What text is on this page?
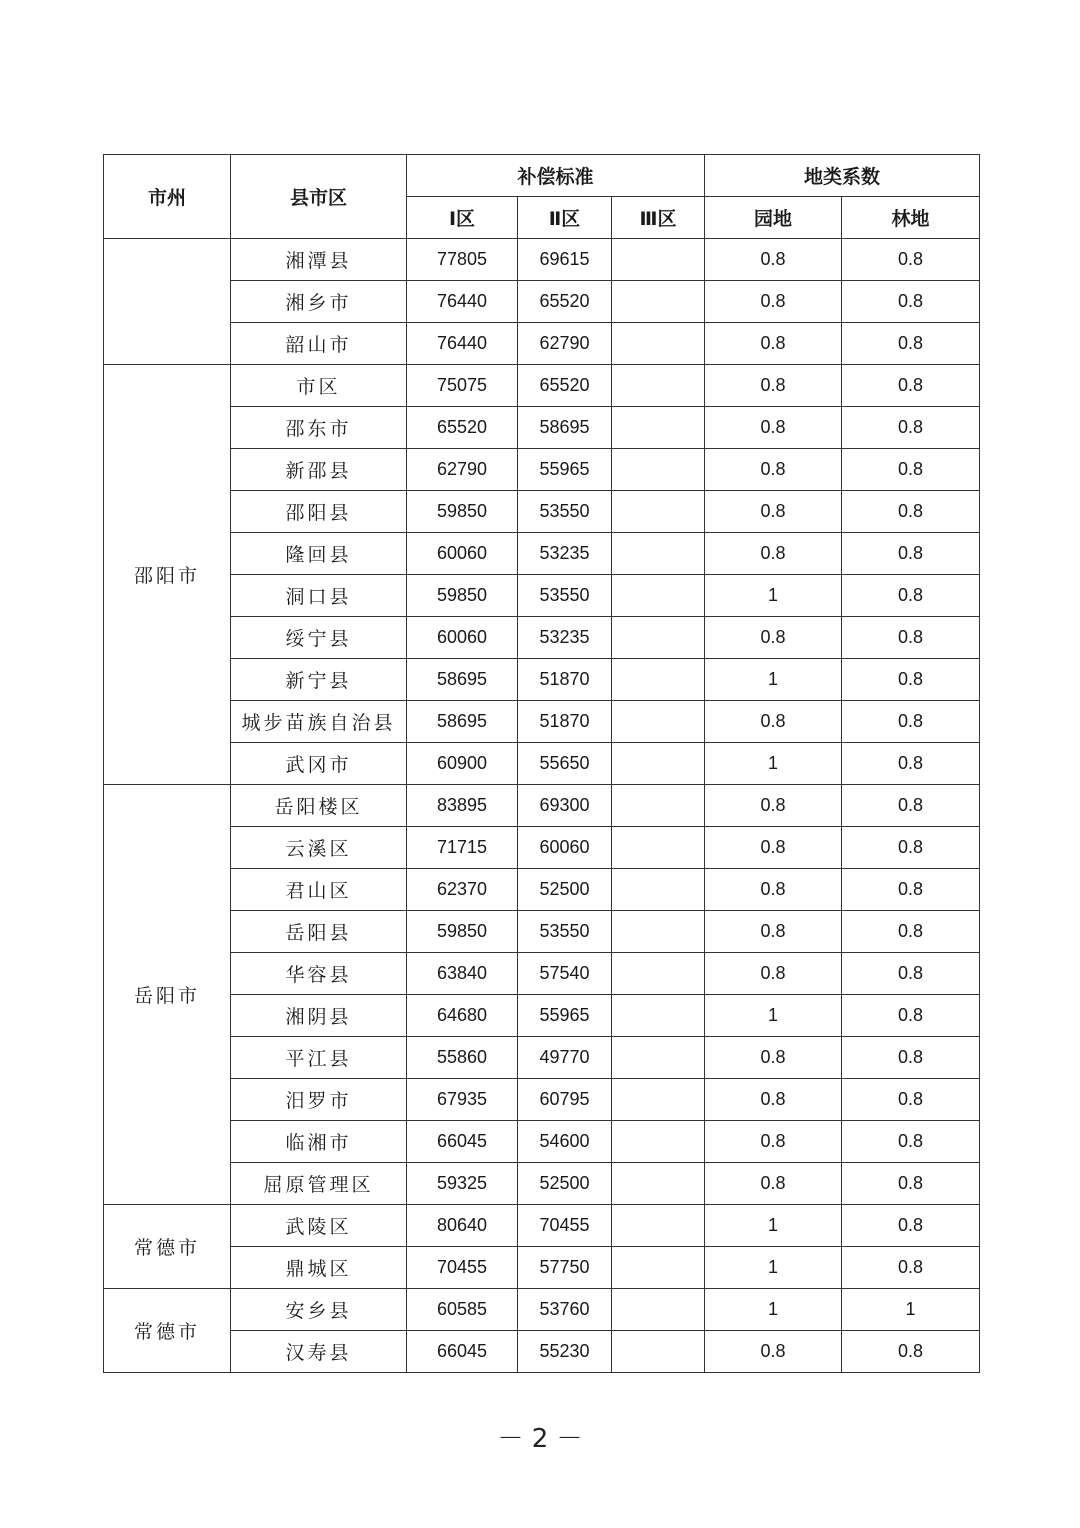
市州	县市区	补偿标准			地类系数	
		Ⅰ区	Ⅱ区	Ⅲ区	园地	林地
	湘潭县	77805	69615		0.8	0.8
	湘乡市	76440	65520		0.8	0.8
	韶山市	76440	62790		0.8	0.8
邵阳市	市区	75075	65520		0.8	0.8
	邵东市	65520	58695		0.8	0.8
	新邵县	62790	55965		0.8	0.8
	邵阳县	59850	53550		0.8	0.8
	隆回县	60060	53235		0.8	0.8
	洞口县	59850	53550		1	0.8
	绥宁县	60060	53235		0.8	0.8
	新宁县	58695	51870		1	0.8
	城步苗族自治县	58695	51870		0.8	0.8
	武冈市	60900	55650		1	0.8
岳阳市	岳阳楼区	83895	69300		0.8	0.8
	云溪区	71715	60060		0.8	0.8
	君山区	62370	52500		0.8	0.8
	岳阳县	59850	53550		0.8	0.8
	华容县	63840	57540		0.8	0.8
	湘阴县	64680	55965		1	0.8
	平江县	55860	49770		0.8	0.8
	汨罗市	67935	60795		0.8	0.8
	临湘市	66045	54600		0.8	0.8
	屈原管理区	59325	52500		0.8	0.8
常德市	武陵区	80640	70455		1	0.8
	鼎城区	70455	57750		1	0.8
常德市	安乡县	60585	53760		1	1
	汉寿县	66045	55230		0.8	0.8
－ 2 －
